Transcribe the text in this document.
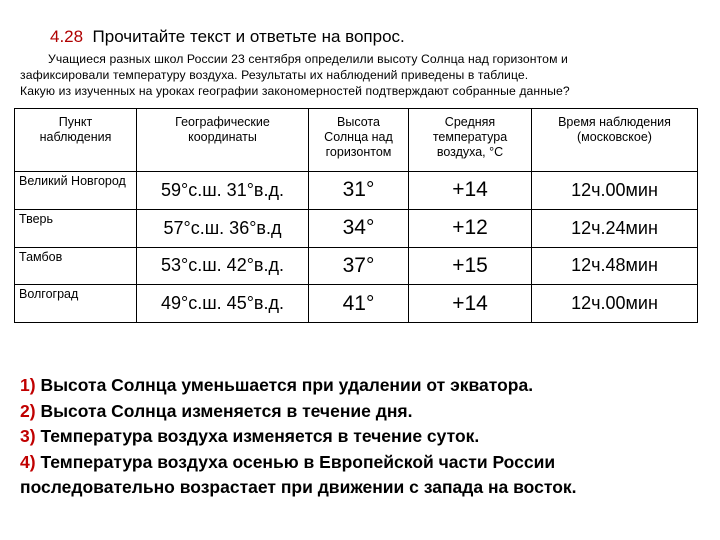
4.28 Прочитайте текст и ответьте на вопрос.
Учащиеся разных школ России 23 сентября определили высоту Солнца над горизонтом и
зафиксировали температуру воздуха. Результаты их наблюдений приведены в таблице.
Какую из изученных на уроках географии закономерностей подтверждают собранные данные?
Пункт наблюдения	Географические координаты	Высота Солнца над горизонтом	Средняя температура воздуха, °С	Время наблюдения (московское)
Великий Новгород	59°с.ш. 31°в.д.	31°	+14	12ч.00мин
Тверь	57°с.ш. 36°в.д	34°	+12	12ч.24мин
Тамбов	53°с.ш. 42°в.д.	37°	+15	12ч.48мин
Волгоград	49°с.ш. 45°в.д.	41°	+14	12ч.00мин
1) Высота Солнца уменьшается при удалении от экватора.
2) Высота Солнца изменяется в течение дня.
3) Температура воздуха изменяется в течение суток.
4) Температура воздуха осенью в Европейской части России последовательно возрастает при движении с запада на восток.
